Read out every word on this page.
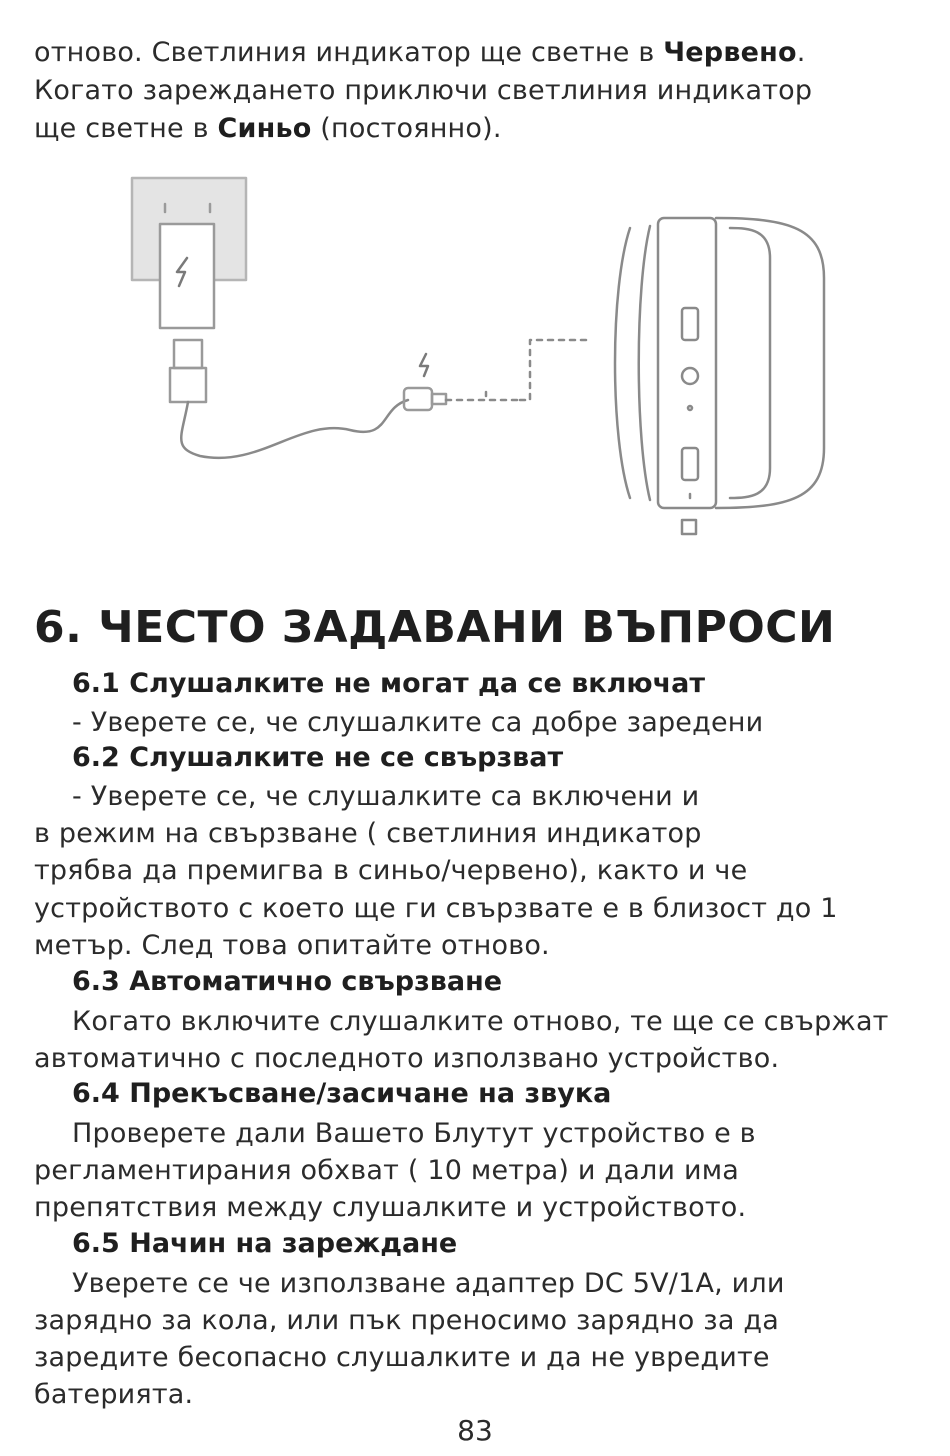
отново. Светлиния индикатор ще светне в Червено.

Когато зареждането приключи светлиния индикатор

ще светне в Синьо (постоянно).

6. ЧЕСТО ЗАДАВАНИ ВЪПРОСИ
6.1 Слушалките не могат да се включат

- Уверете се, че слушалките са добре заредени

6.2 Слушалките не се свързват

- Уверете се, че слушалките са включени и

в режим на свързване ( светлиния индикатор

трябва да премигва в синьо/червено), както и че

устройството с което ще ги свързвате е в близост до 1

метър. След това опитайте отново.

6.3 Автоматично свързване

Когато включите слушалките отново, те ще се свържат

автоматично с последното използвано устройство.

6.4 Прекъсване/засичане на звука

Проверете дали Вашето Блутут устройство е в

регламентирания обхват ( 10 метра) и дали има

препятствия между слушалките и устройството.

6.5 Начин на зареждане

Уверете се че използване адаптер DC 5V/1A, или

зарядно за кола, или пък преносимо зарядно за да

заредите бесопасно слушалките и да не увредите

батерията.

83
